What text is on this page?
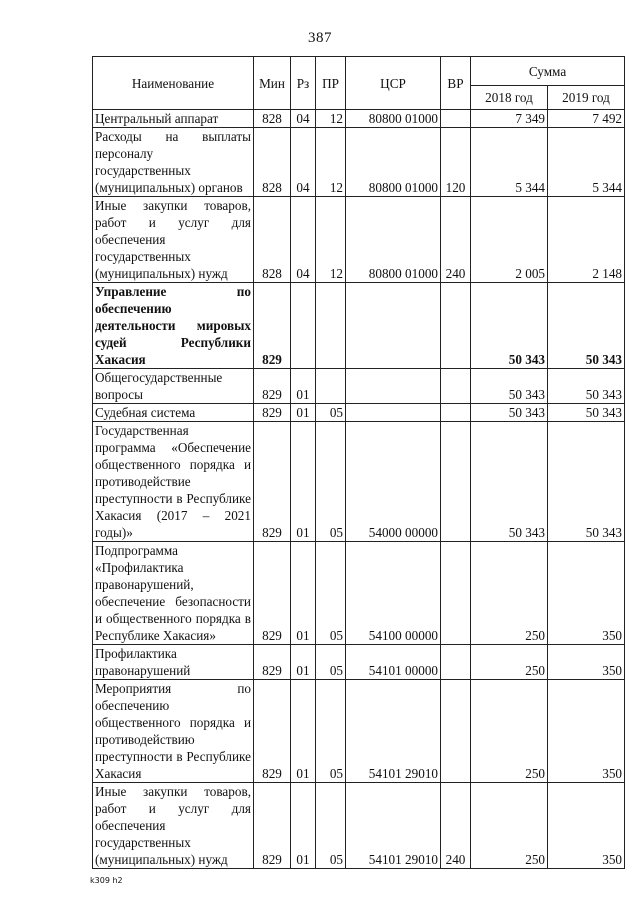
387
Наименование	Мин	Рз	ПР	ЦСР	ВР	Сумма	
						2018 год	2019 год
Центральный аппарат	828	04	12	80800 01000		7 349	7 492
Расходы на выплаты персоналу государственных (муниципальных) органов	828	04	12	80800 01000	120	5 344	5 344
Иные закупки товаров, работ и услуг для обеспечения государственных (муниципальных) нужд	828	04	12	80800 01000	240	2 005	2 148
Управление по обеспечению деятельности мировых судей Республики Хакасия	829					50 343	50 343
Общегосударственные вопросы	829	01				50 343	50 343
Судебная система	829	01	05			50 343	50 343
Государственная программа «Обеспечение общественного порядка и противодействие преступности в Республике Хакасия (2017 – 2021 годы)»	829	01	05	54000 00000		50 343	50 343
Подпрограмма «Профилактика правонарушений, обеспечение безопасности и общественного порядка в Республике Хакасия»	829	01	05	54100 00000		250	350
Профилактика правонарушений	829	01	05	54101 00000		250	350
Мероприятия по обеспечению общественного порядка и противодействию преступности в Республике Хакасия	829	01	05	54101 29010		250	350
Иные закупки товаров, работ и услуг для обеспечения государственных (муниципальных) нужд	829	01	05	54101 29010	240	250	350
k309 h2
